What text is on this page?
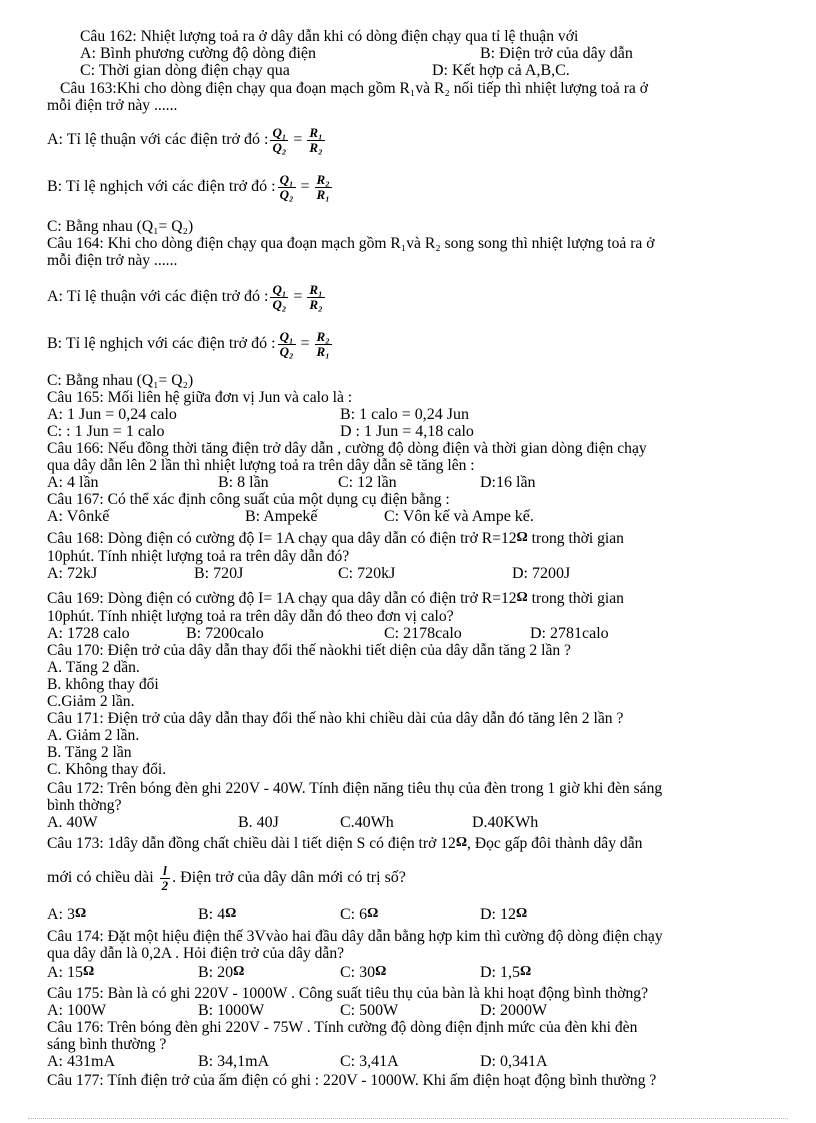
Câu 162: Nhiệt lượng toả ra ở dây dẫn khi có dòng điện chạy qua tỉ lệ thuận với
A: Bình phương cường độ dòng điện	B: Điện trở của dây dẫn
C: Thời gian dòng điện chạy qua	D: Kết hợp cả A,B,C.
Câu 163:Khi cho dòng điện chạy qua đoạn mạch gồm R₁và R₂ nối tiếp thì nhiệt lượng toả ra ở
mỗi điện trở này ......
A: Tỉ lệ thuận với các điện trở đó : $\frac{\text{Q₁}}{\text{Q₂}} = \frac{\text{R₁}}{\text{R₂}}$
B: Tỉ lệ nghịch với các điện trở đó : $\frac{\text{Q₁}}{\text{Q₂}} = \frac{\text{R₂}}{\text{R₁}}$
C: Bằng nhau (Q₁= Q₂)
Câu 164: Khi cho dòng điện chạy qua đoạn mạch gồm R₁và R₂ song song thì nhiệt lượng toả ra ở
mỗi điện trở này ......
A: Tỉ lệ thuận với các điện trở đó : $\frac{\text{Q₁}}{\text{Q₂}} = \frac{\text{R₁}}{\text{R₂}}$
B: Tỉ lệ nghịch với các điện trở đó : $\frac{\text{Q₁}}{\text{Q₂}} = \frac{\text{R₂}}{\text{R₁}}$
C: Bằng nhau (Q₁= Q₂)
Câu 165: Mối liên hệ giữa đơn vị Jun và calo là :
A: 1 Jun = 0,24 calo	B: 1 calo = 0,24 Jun
C: : 1 Jun = 1 calo	D : 1 Jun = 4,18 calo
Câu 166: Nếu đồng thời tăng điện trở dây dẫn , cường độ dòng điện và thời gian dòng điện chạy
qua dây dẫn lên 2 lần thì nhiệt lượng toả ra trên dây dẫn sẽ tăng lên :
A: 4 lần	B: 8 lần	C: 12 lần	D:16 lần
Câu 167: Có thể xác định công suất của một dụng cụ điện bằng :
A: Vônkế	B: Ampekế	C: Vôn kế và Ampe kế.
Câu 168: Dòng điện có cường độ I= 1A chạy qua dây dẫn có điện trở R=12Ω trong thời gian
10phút. Tính nhiệt lượng toả ra trên dây dẫn đó?
A: 72kJ	B: 720J	C: 720kJ	D: 7200J
Câu 169: Dòng điện có cường độ I= 1A chạy qua dây dẫn có điện trở R=12Ω trong thời gian
10phút. Tính nhiệt lượng toả ra trên dây dẫn đó theo đơn vị calo?
A: 1728 calo	B: 7200calo	C: 2178calo	D: 2781calo
Câu 170: Điện trở của dây dẫn thay đổi thế nàokhi tiết diện của dây dẫn tăng 2 lần ?
A. Tăng 2 dần.
B. không thay đổi
C.Giảm 2 lần.
Câu 171: Điện trở của dây dẫn thay đổi thế nào khi chiều dài của dây dẫn đó tăng lên 2 lần ?
A. Giảm 2 lần.
B. Tăng 2 lần
C. Không thay đổi.
Câu 172: Trên bóng đèn ghi 220V - 40W. Tính điện năng tiêu thụ của đèn trong 1 giờ khi đèn sáng
bình thờng?
A. 40W	B. 40J	C.40Wh	D.40KWh
Câu 173: 1dây dẫn đồng chất chiều dài l tiết diện S có điện trở 12Ω, Đọc gấp đôi thành dây dẫn
mới có chiều dài $\frac{l}{2}$ . Điện trở của dây dân mới có trị số?
A: 3Ω	B: 4Ω	C: 6Ω	D: 12Ω
Câu 174: Đặt một hiệu điện thế 3Vvào hai đầu dây dẫn bằng hợp kim thì cường độ dòng điện chạy
qua dây dẫn là 0,2A . Hỏi điện trở của dây dẫn?
A: 15Ω	B: 20Ω	C: 30Ω	D: 1,5Ω
Câu 175: Bàn là có ghi 220V - 1000W . Công suất tiêu thụ của bàn là khi hoạt động bình thờng?
A: 100W	B: 1000W	C: 500W	D: 2000W
Câu 176: Trên bóng đèn ghi 220V - 75W . Tính cường độ dòng điện định mức của đèn khi đèn
sáng bình thường ?
A: 431mA	B: 34,1mA	C: 3,41A	D: 0,341A
Câu 177: Tính điện trở của ấm điện có ghi : 220V - 1000W. Khi ấm điện hoạt động bình thường ?
